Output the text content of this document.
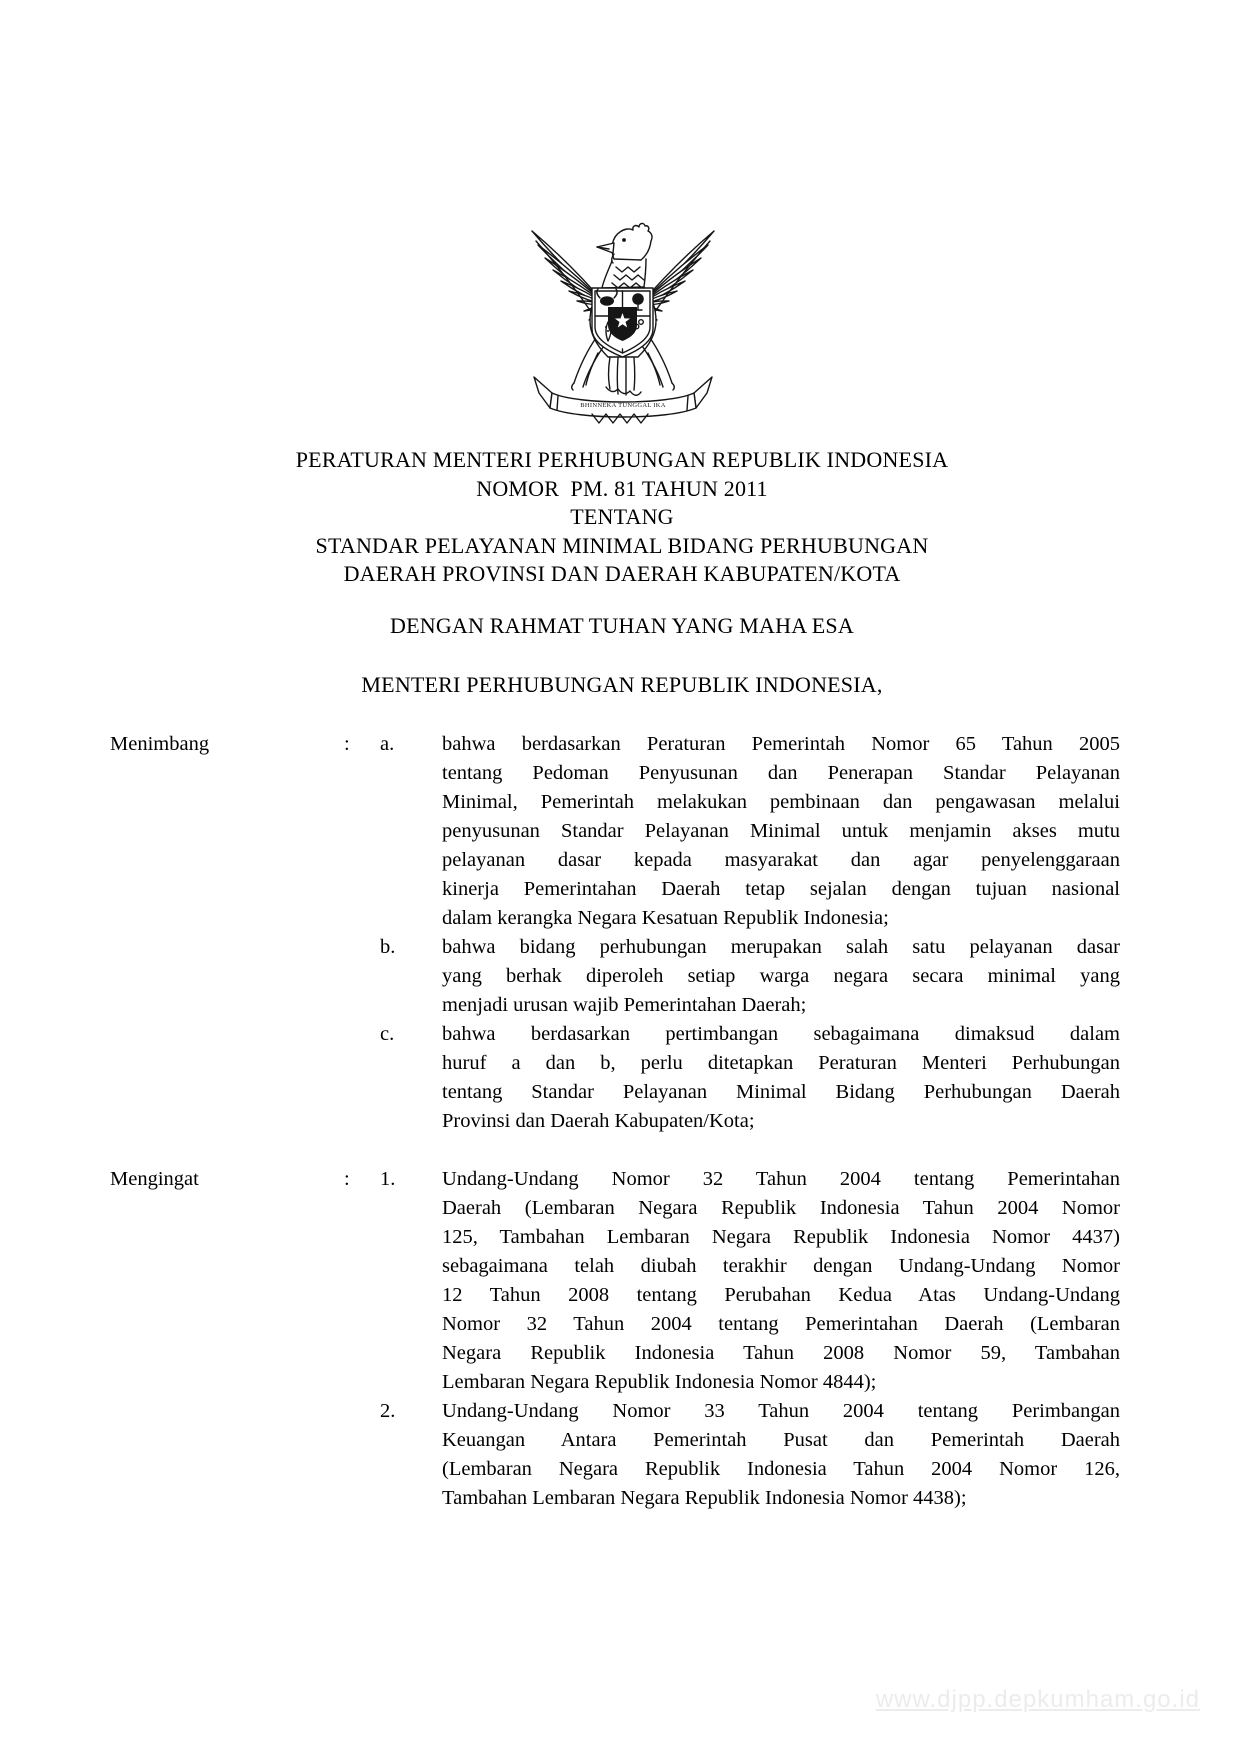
BHINNEKA TUNGGAL IKA
PERATURAN MENTERI PERHUBUNGAN REPUBLIK INDONESIA
NOMOR  PM. 81 TAHUN 2011
TENTANG
STANDAR PELAYANAN MINIMAL BIDANG PERHUBUNGAN
DAERAH PROVINSI DAN DAERAH KABUPATEN/KOTA
DENGAN RAHMAT TUHAN YANG MAHA ESA
MENTERI PERHUBUNGAN REPUBLIK INDONESIA,
Menimbang	: a. bahwa berdasarkan Peraturan Pemerintah Nomor 65 Tahun 2005
tentang Pedoman Penyusunan dan Penerapan Standar Pelayanan
Minimal, Pemerintah melakukan pembinaan dan pengawasan melalui
penyusunan Standar Pelayanan Minimal untuk menjamin akses mutu
pelayanan dasar kepada masyarakat dan agar penyelenggaraan
kinerja Pemerintahan Daerah tetap sejalan dengan tujuan nasional
dalam kerangka Negara Kesatuan Republik Indonesia;
b. bahwa bidang perhubungan merupakan salah satu pelayanan dasar
yang berhak diperoleh setiap warga negara secara minimal yang
menjadi urusan wajib Pemerintahan Daerah;
c. bahwa berdasarkan pertimbangan sebagaimana dimaksud dalam
huruf a dan b, perlu ditetapkan Peraturan Menteri Perhubungan
tentang Standar Pelayanan Minimal Bidang Perhubungan Daerah
Provinsi dan Daerah Kabupaten/Kota;
Mengingat	: 1. Undang-Undang Nomor 32 Tahun 2004 tentang Pemerintahan
Daerah (Lembaran Negara Republik Indonesia Tahun 2004 Nomor
125, Tambahan Lembaran Negara Republik Indonesia Nomor 4437)
sebagaimana telah diubah terakhir dengan Undang-Undang Nomor
12 Tahun 2008 tentang Perubahan Kedua Atas Undang-Undang
Nomor 32 Tahun 2004 tentang Pemerintahan Daerah (Lembaran
Negara Republik Indonesia Tahun 2008 Nomor 59, Tambahan
Lembaran Negara Republik Indonesia Nomor 4844);
2. Undang-Undang Nomor 33 Tahun 2004 tentang Perimbangan
Keuangan Antara Pemerintah Pusat dan Pemerintah Daerah
(Lembaran Negara Republik Indonesia Tahun 2004 Nomor 126,
Tambahan Lembaran Negara Republik Indonesia Nomor 4438);
www.djpp.depkumham.go.id
